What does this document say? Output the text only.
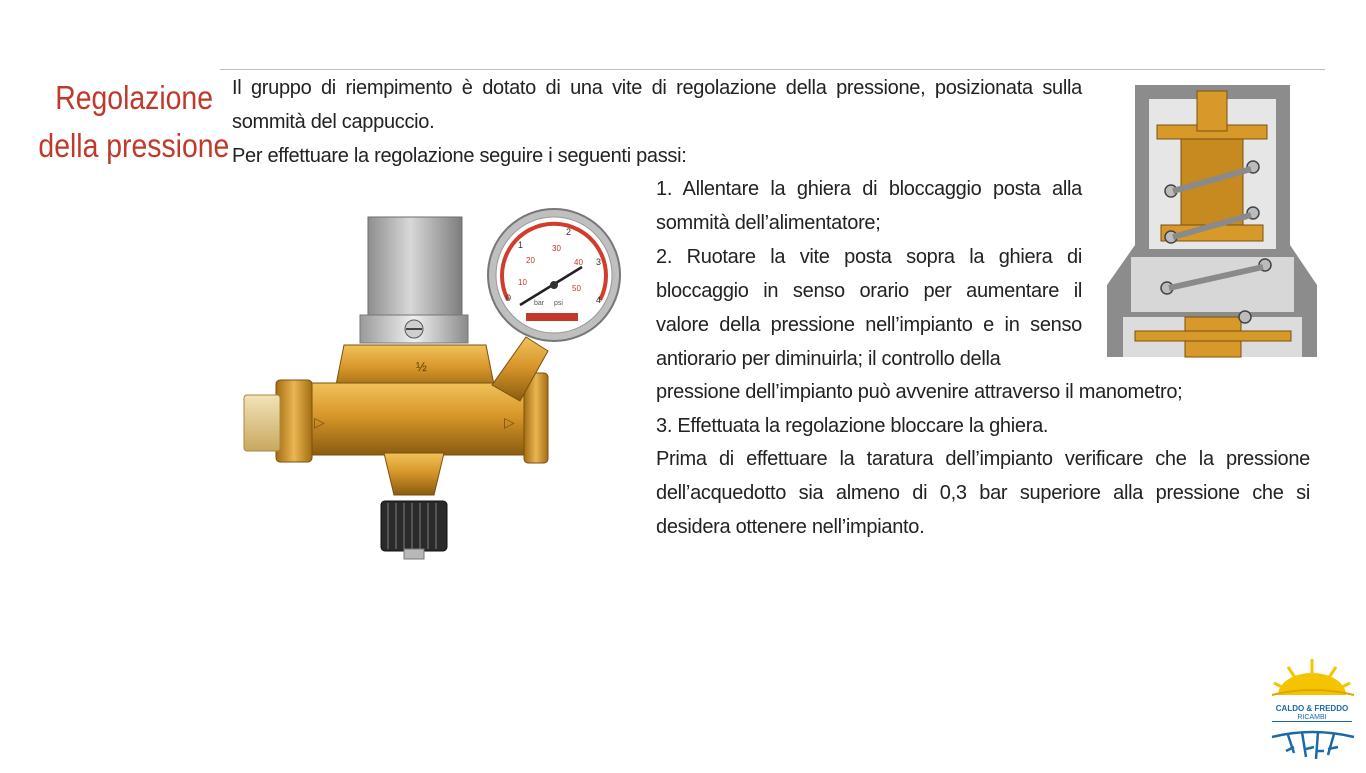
Regolazione
della pressione

Il gruppo di riempimento è dotato di una vite di regolazione della pressione, posizionata sulla sommità del cappuccio.

Per effettuare la regolazione seguire i seguenti passi:

1. Allentare la ghiera di bloccaggio posta alla sommità dell’alimentatore;

2. Ruotare la vite posta sopra la ghiera di bloccaggio in senso orario per aumentare il valore della pressione nell’impianto e in senso antiorario per diminuirla; il controllo della

pressione dell’impianto può avvenire attraverso il manometro;
3. Effettuata la regolazione bloccare la ghiera.
Prima di effettuare la taratura dell’impianto verificare che la pressione dell’acquedotto sia almeno di 0,3 bar superiore alla pressione che si desidera ottenere nell’impianto.
½
▷	▷
0
1
2
3
4
10
20
30
40
50
bar psi
CALDO & FREDDO
RICAMBI
